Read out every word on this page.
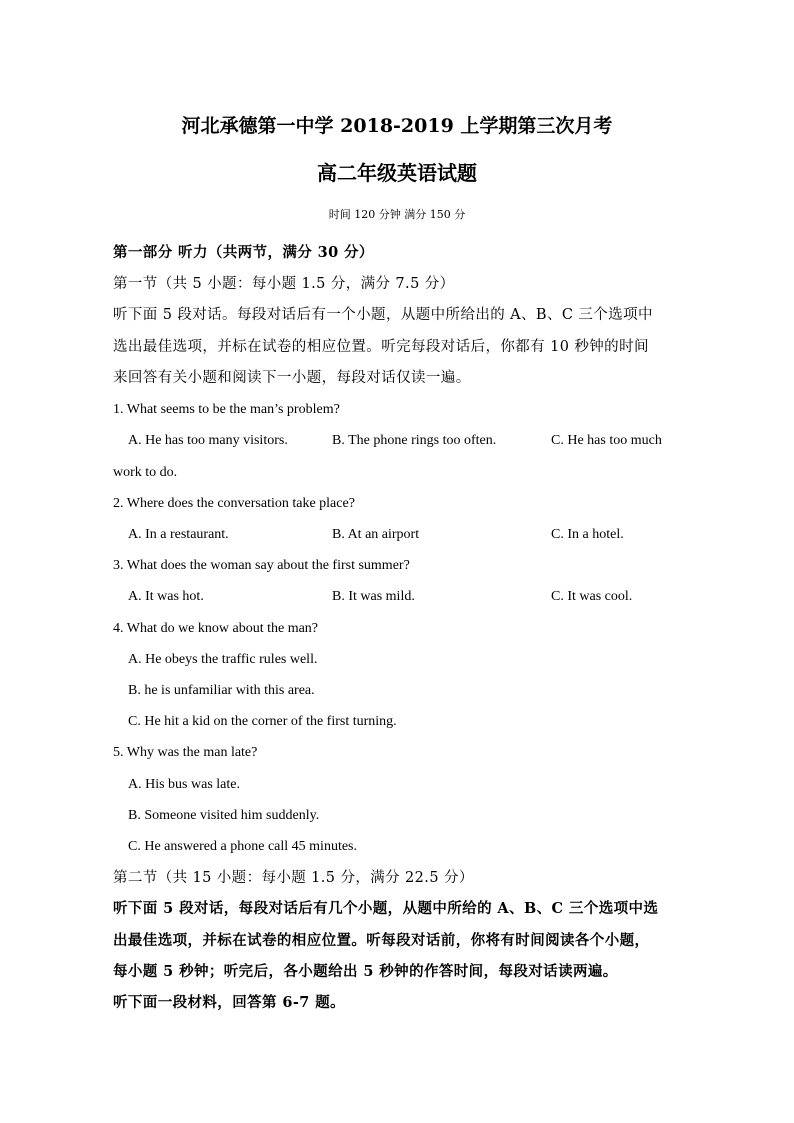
河北承德第一中学 2018-2019 上学期第三次月考
高二年级英语试题
时间 120 分钟 满分 150 分
第一部分 听力（共两节，满分 30 分）
第一节（共 5 小题：每小题 1.5 分，满分 7.5 分）
听下面 5 段对话。每段对话后有一个小题，从题中所给出的 A、B、C 三个选项中
选出最佳选项，并标在试卷的相应位置。听完每段对话后，你都有 10 秒钟的时间
来回答有关小题和阅读下一小题，每段对话仅读一遍。
1. What seems to be the man’s problem?
A. He has too many visitors.	B. The phone rings too often.	C. He has too much
work to do.
2. Where does the conversation take place?
A. In a restaurant.	B. At an airport	C. In a hotel.
3. What does the woman say about the first summer?
A. It was hot.	B. It was mild.	C. It was cool.
4. What do we know about the man?
A. He obeys the traffic rules well.
B. he is unfamiliar with this area.
C. He hit a kid on the corner of the first turning.
5. Why was the man late?
A. His bus was late.
B. Someone visited him suddenly.
C. He answered a phone call 45 minutes.
第二节（共 15 小题：每小题 1.5 分，满分 22.5 分）
听下面 5 段对话，每段对话后有几个小题，从题中所给的 A、B、C 三个选项中选
出最佳选项，并标在试卷的相应位置。听每段对话前，你将有时间阅读各个小题，
每小题 5 秒钟；听完后，各小题给出 5 秒钟的作答时间，每段对话读两遍。
听下面一段材料，回答第 6-7 题。
